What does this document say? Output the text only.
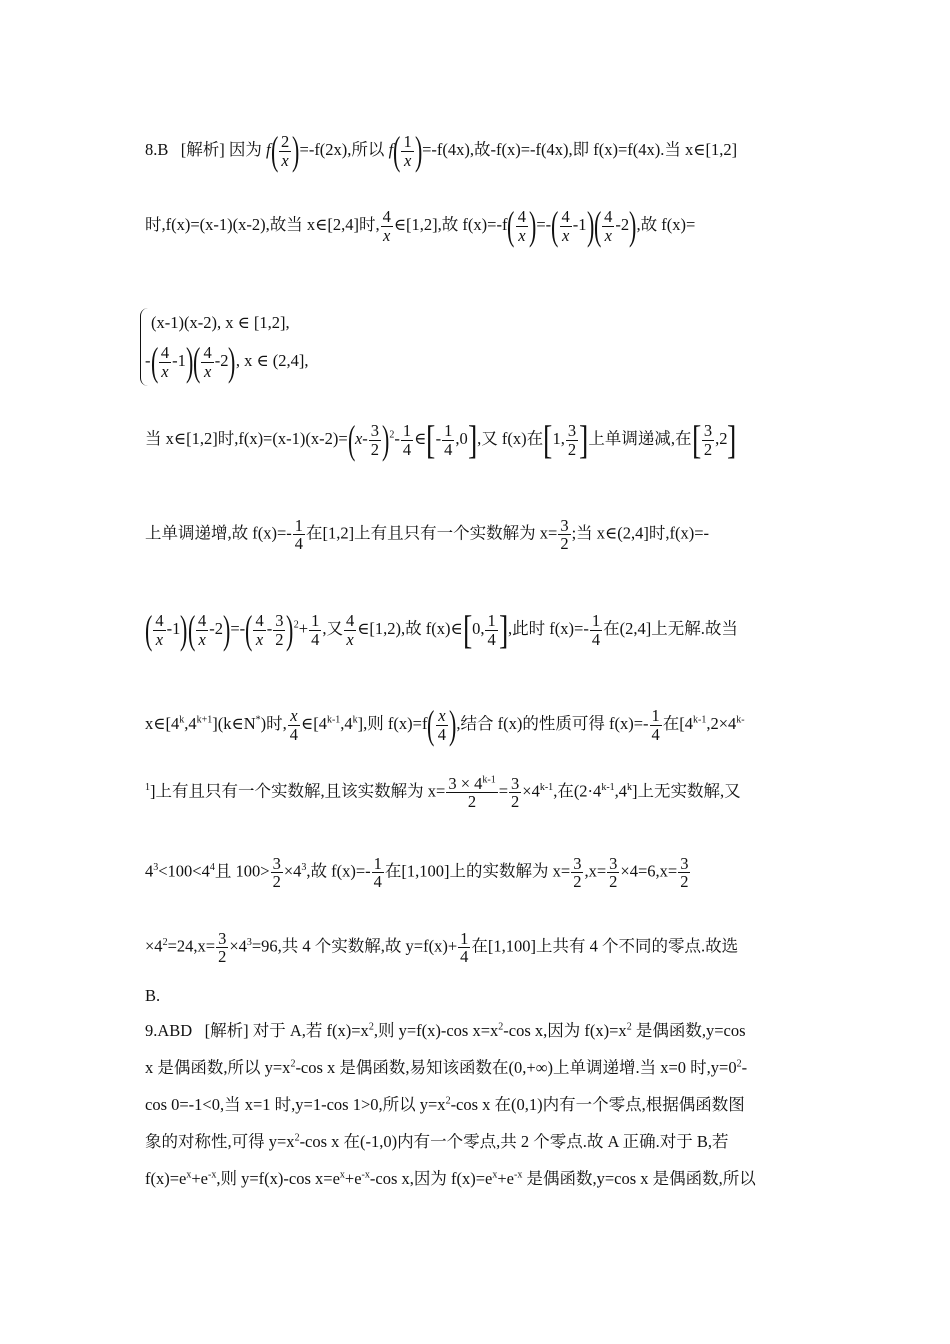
8.B [解析] 因为 $f( \frac{2}{x} )=-f(2x)$,所以 $f( \frac{1}{x} )=-f(4x)$,故-f(x)=-f(4x),即 f(x)=f(4x).当 x∈[1,2]
时,f(x)=(x-1)(x-2),故当 x∈[2,4]时, $\frac{4}{x}$ ∈[1,2],故 $f(x)=-f( \frac{4}{x}$ )=-( $\frac{4}{x} -1)( \frac{4}{x} -2)$,故 f(x)=
(x-1)(x-2), x ∈ [1,2],
-( $\frac{4}{x} -1)( \frac{4}{x} -2)$, x ∈ (2,4],
当 x∈[1,2]时$,f(x)=(x-1)(x-2)=(x- \frac{3}{2} )^2- \frac{1}{4}$ ∈[- $\frac{1}{4} ,0$],又 f(x)在[1, $\frac{3}{2}$ ]上单调递减,在[ $\frac{3}{2} ,2$]
上单调递增,故 $f(x)=- \frac{1}{4}$ 在[1,2]上有且只有一个实数解为 $x= \frac{3}{2}$ ;当 x∈(2,4]时,f(x)=-
( $\frac{4}{x} -1)( \frac{4}{x} -2)=-( \frac{4}{x} - \frac{3}{2} )^2+ \frac{1}{4}$ ,又 $\frac{4}{x}$ ∈[1,2),故 f(x)∈[0, $\frac{1}{4}$ ],此时 $f(x)=- \frac{1}{4}$ 在(2,4]上无解.故当
$x\in[4^k,4^{k+1}](k\in N^*)$时, $\frac{x}{4}$ ∈[4$^{k-1}$,4$^k$],则 $f(x)=f( \frac{x}{4}$ ),结合 f(x)的性质可得 $f(x)=- \frac{1}{4}$ 在[$4^{k-1},2\times 4^{k-}$
$^1$]上有且只有一个实数解,且该实数解为 $x= \frac{3 \times 4^{k-1}}{2} = \frac{3}{2} \times 4^{k-1}$,在$(2\cdot 4^{k-1},4^k]$上无实数解,又
$4^3<100<4^4$且 $100> \frac{3}{2} \times 4^3$,故 $f(x)=- \frac{1}{4}$ 在[1,100]上的实数解为 $x= \frac{3}{2} ,x= \frac{3}{2} \times 4=6,x= \frac{3}{2}$
$\times 4^2=24,x= \frac{3}{2} \times 4^3=96$,共 4 个实数解,故 $y=f(x)+ \frac{1}{4}$ 在[1,100]上共有 4 个不同的零点.故选
B.
9.ABD [解析] 对于 A,若 $f(x)=x^2$,则 y=f(x)-cos $x=x^2-\cos$ x,因为 $f(x)=x^2$ 是偶函数,y=cos
x 是偶函数,所以 $y=x^2-\cos$ x 是偶函数,易知该函数在(0,+∞)上单调递增.当 x=0 时$,y=0^2-$
cos 0=-1<0,当 x=1 时,y=1-cos 1>0,所以 $y=x^2-\cos$ x 在(0,1)内有一个零点,根据偶函数图
象的对称性,可得 $y=x^2-\cos$ x 在(-1,0)内有一个零点,共 2 个零点.故 A 正确.对于 B,若
$f(x)=e^x+e^{-x}$,则 y=f(x)-cos $x=e^x+e^{-x}-\cos$ x,因为 $f(x)=e^x+e^{-x}$ 是偶函数,y=cos x 是偶函数,所以
